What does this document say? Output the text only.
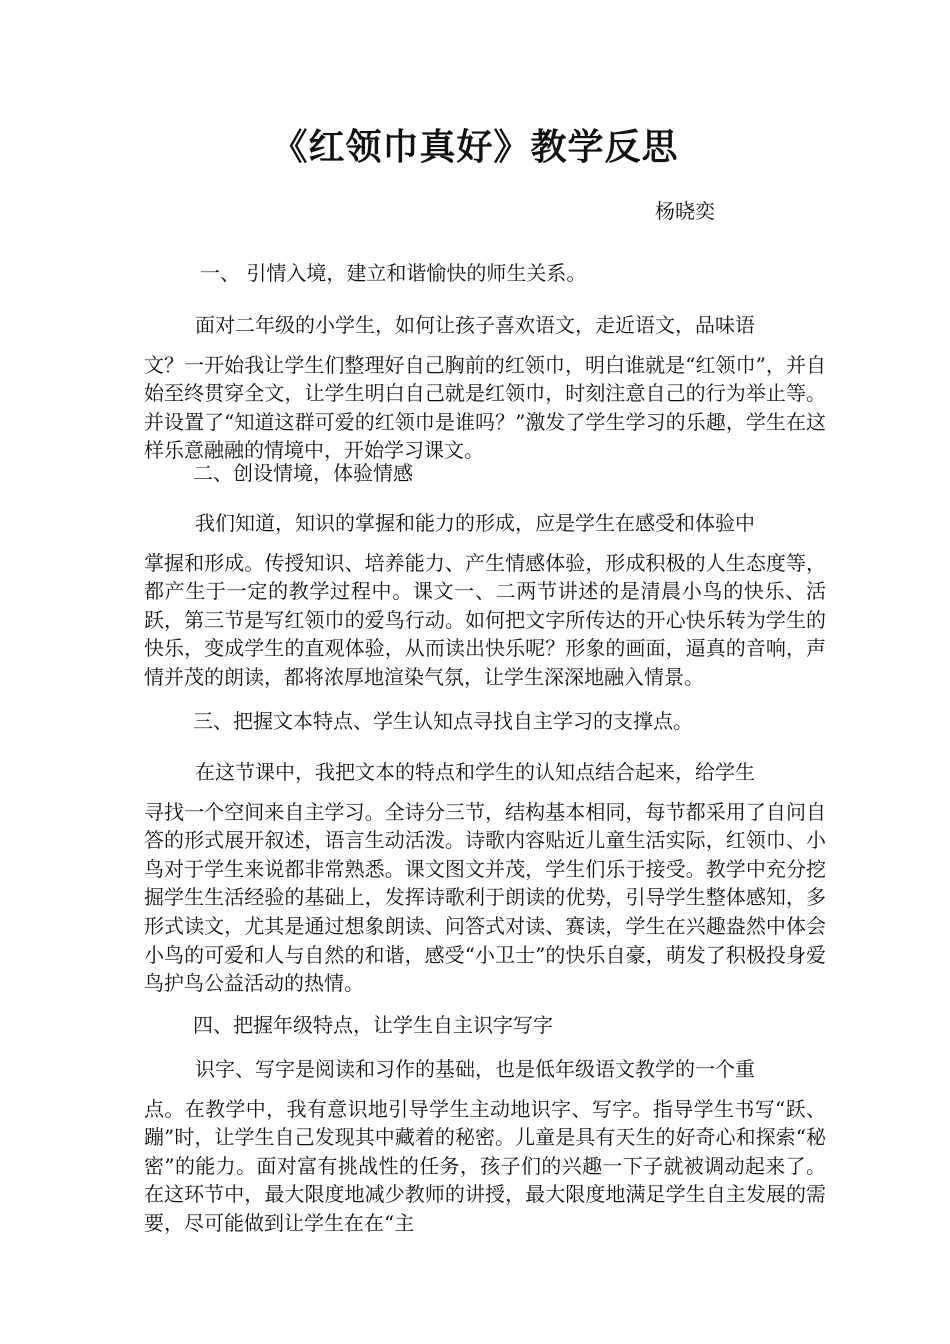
《红领巾真好》教学反思
杨晓奕
一、 引情入境，建立和谐愉快的师生关系。
面对二年级的小学生，如何让孩子喜欢语文，走近语文，品味语

文？一开始我让学生们整理好自己胸前的红领巾，明白谁就是“红领巾”，并自始至终贯穿全文，让学生明白自己就是红领巾，时刻注意自己的行为举止等。并设置了“知道这群可爱的红领巾是谁吗？”激发了学生学习的乐趣，学生在这样乐意融融的情境中，开始学习课文。

二、创设情境，体验情感
我们知道，知识的掌握和能力的形成，应是学生在感受和体验中

掌握和形成。传授知识、培养能力、产生情感体验，形成积极的人生态度等，都产生于一定的教学过程中。课文一、二两节讲述的是清晨小鸟的快乐、活跃，第三节是写红领巾的爱鸟行动。如何把文字所传达的开心快乐转为学生的快乐，变成学生的直观体验，从而读出快乐呢？形象的画面，逼真的音响，声情并茂的朗读，都将浓厚地渲染气氛，让学生深深地融入情景。

三、把握文本特点、学生认知点寻找自主学习的支撑点。
在这节课中，我把文本的特点和学生的认知点结合起来，给学生

寻找一个空间来自主学习。全诗分三节，结构基本相同，每节都采用了自问自答的形式展开叙述，语言生动活泼。诗歌内容贴近儿童生活实际，红领巾、小鸟对于学生来说都非常熟悉。课文图文并茂，学生们乐于接受。教学中充分挖掘学生生活经验的基础上，发挥诗歌利于朗读的优势，引导学生整体感知，多形式读文，尤其是通过想象朗读、问答式对读、赛读，学生在兴趣盎然中体会小鸟的可爱和人与自然的和谐，感受“小卫士”的快乐自豪，萌发了积极投身爱鸟护鸟公益活动的热情。

四、把握年级特点，让学生自主识字写字
识字、写字是阅读和习作的基础，也是低年级语文教学的一个重

点。在教学中，我有意识地引导学生主动地识字、写字。指导学生书写“跃、蹦”时，让学生自己发现其中藏着的秘密。儿童是具有天生的好奇心和探索“秘密”的能力。面对富有挑战性的任务，孩子们的兴趣一下子就被调动起来了。在这环节中，最大限度地减少教师的讲授，最大限度地满足学生自主发展的需要，尽可能做到让学生在在“主
